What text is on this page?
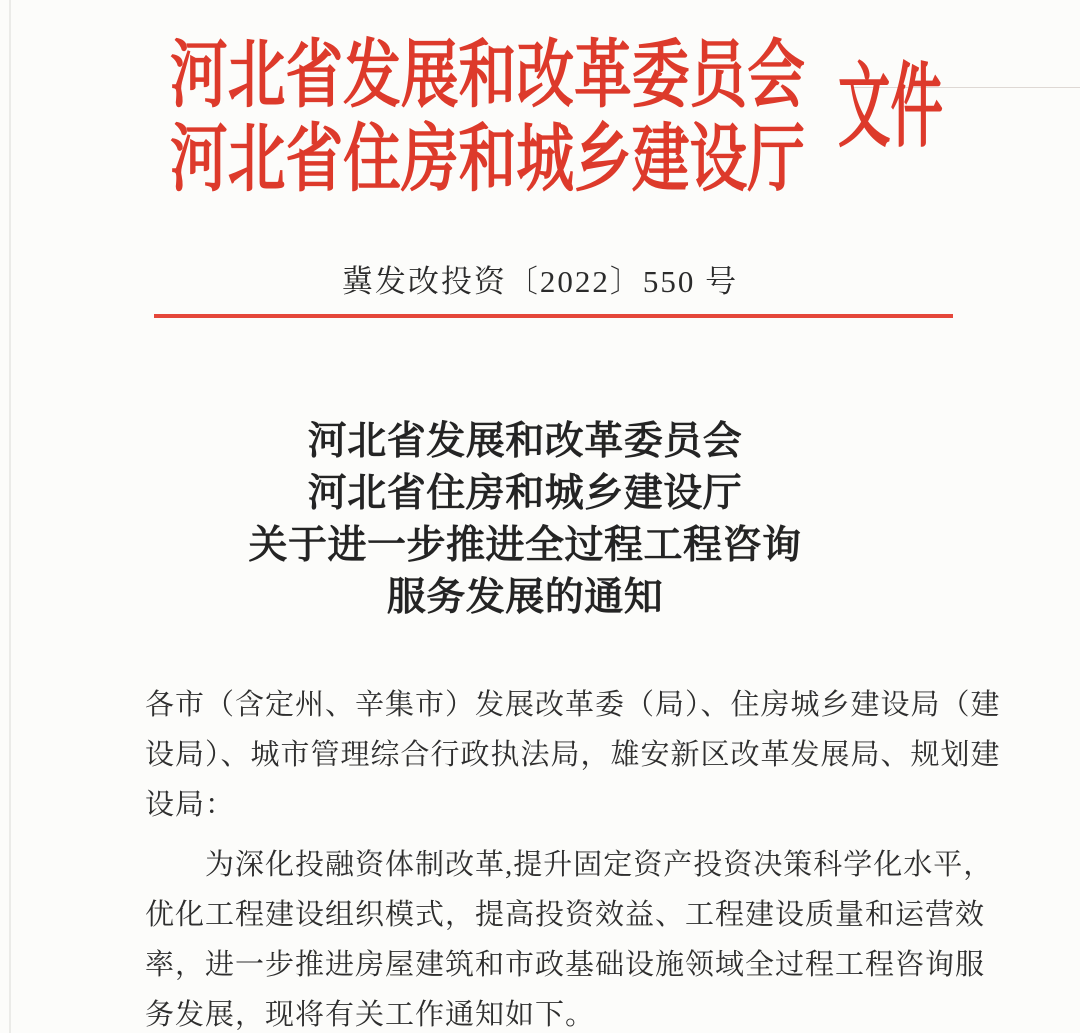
河北省发展和改革委员会
河北省住房和城乡建设厅
文件
冀发改投资〔2022〕550 号
河北省发展和改革委员会
河北省住房和城乡建设厅
关于进一步推进全过程工程咨询
服务发展的通知
各市（含定州、辛集市）发展改革委（局）、住房城乡建设局（建
设局）、城市管理综合行政执法局，雄安新区改革发展局、规划建
设局：
为深化投融资体制改革,提升固定资产投资决策科学化水平，
优化工程建设组织模式，提高投资效益、工程建设质量和运营效
率，进一步推进房屋建筑和市政基础设施领域全过程工程咨询服
务发展，现将有关工作通知如下。
